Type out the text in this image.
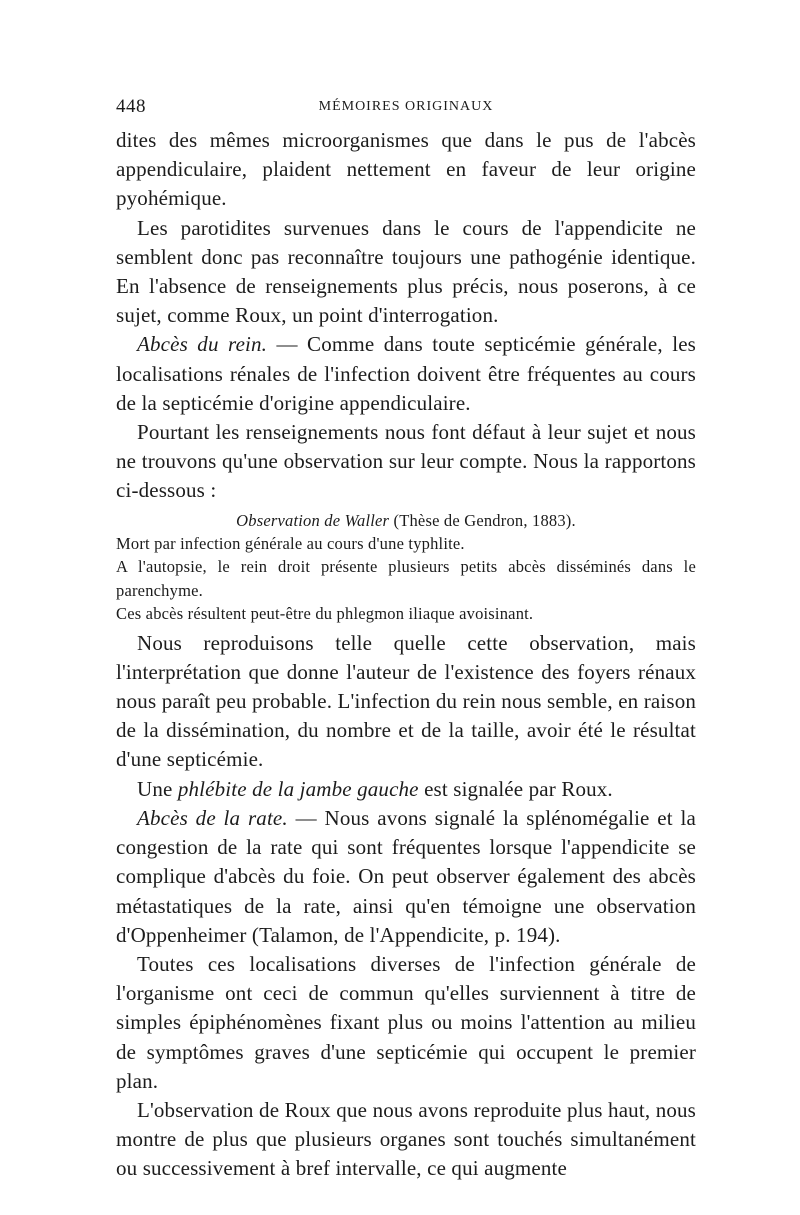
448	MÉMOIRES ORIGINAUX

dites des mêmes microorganismes que dans le pus de l'abcès appendiculaire, plaident nettement en faveur de leur origine pyohémique.

Les parotidites survenues dans le cours de l'appendicite ne semblent donc pas reconnaître toujours une pathogénie identique. En l'absence de renseignements plus précis, nous poserons, à ce sujet, comme Roux, un point d'interrogation.

Abcès du rein. — Comme dans toute septicémie générale, les localisations rénales de l'infection doivent être fréquentes au cours de la septicémie d'origine appendiculaire.

Pourtant les renseignements nous font défaut à leur sujet et nous ne trouvons qu'une observation sur leur compte. Nous la rapportons ci-dessous :

Observation de Waller (Thèse de Gendron, 1883).

Mort par infection générale au cours d'une typhlite.

A l'autopsie, le rein droit présente plusieurs petits abcès disséminés dans le parenchyme.

Ces abcès résultent peut-être du phlegmon iliaque avoisinant.

Nous reproduisons telle quelle cette observation, mais l'interprétation que donne l'auteur de l'existence des foyers rénaux nous paraît peu probable. L'infection du rein nous semble, en raison de la dissémination, du nombre et de la taille, avoir été le résultat d'une septicémie.

Une phlébite de la jambe gauche est signalée par Roux.

Abcès de la rate. — Nous avons signalé la splénomégalie et la congestion de la rate qui sont fréquentes lorsque l'appendicite se complique d'abcès du foie. On peut observer également des abcès métastatiques de la rate, ainsi qu'en témoigne une observation d'Oppenheimer (Talamon, de l'Appendicite, p. 194).

Toutes ces localisations diverses de l'infection générale de l'organisme ont ceci de commun qu'elles surviennent à titre de simples épiphénomènes fixant plus ou moins l'attention au milieu de symptômes graves d'une septicémie qui occupent le premier plan.

L'observation de Roux que nous avons reproduite plus haut, nous montre de plus que plusieurs organes sont touchés simultanément ou successivement à bref intervalle, ce qui augmente
